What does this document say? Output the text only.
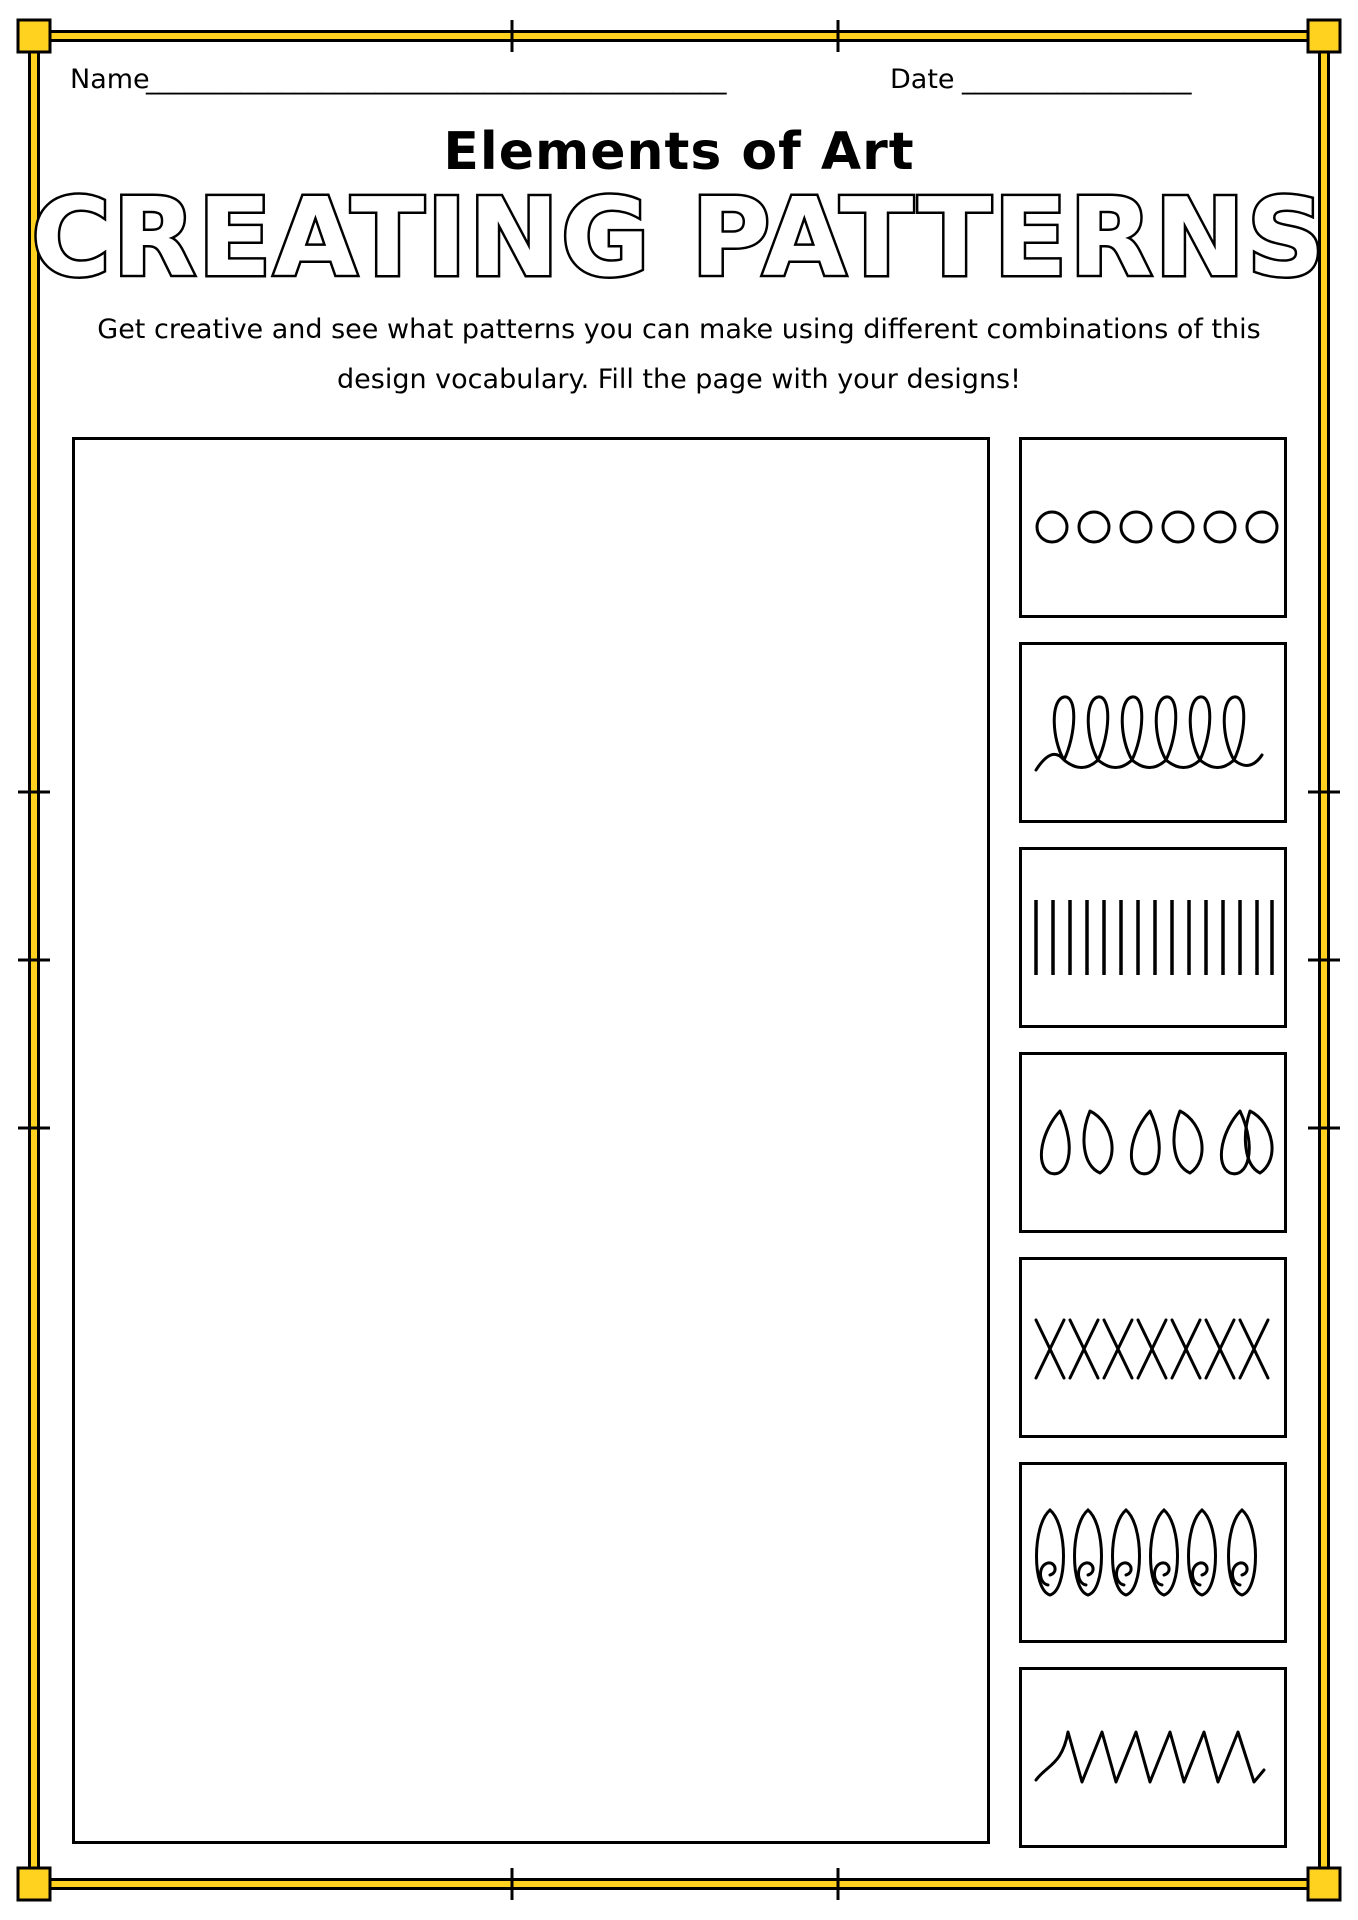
Name
___________________________________________	Date _________________
Elements of Art
CREATING PATTERNS
Get creative and see what patterns you can make using different combinations of this design vocabulary. Fill the page with your designs!
